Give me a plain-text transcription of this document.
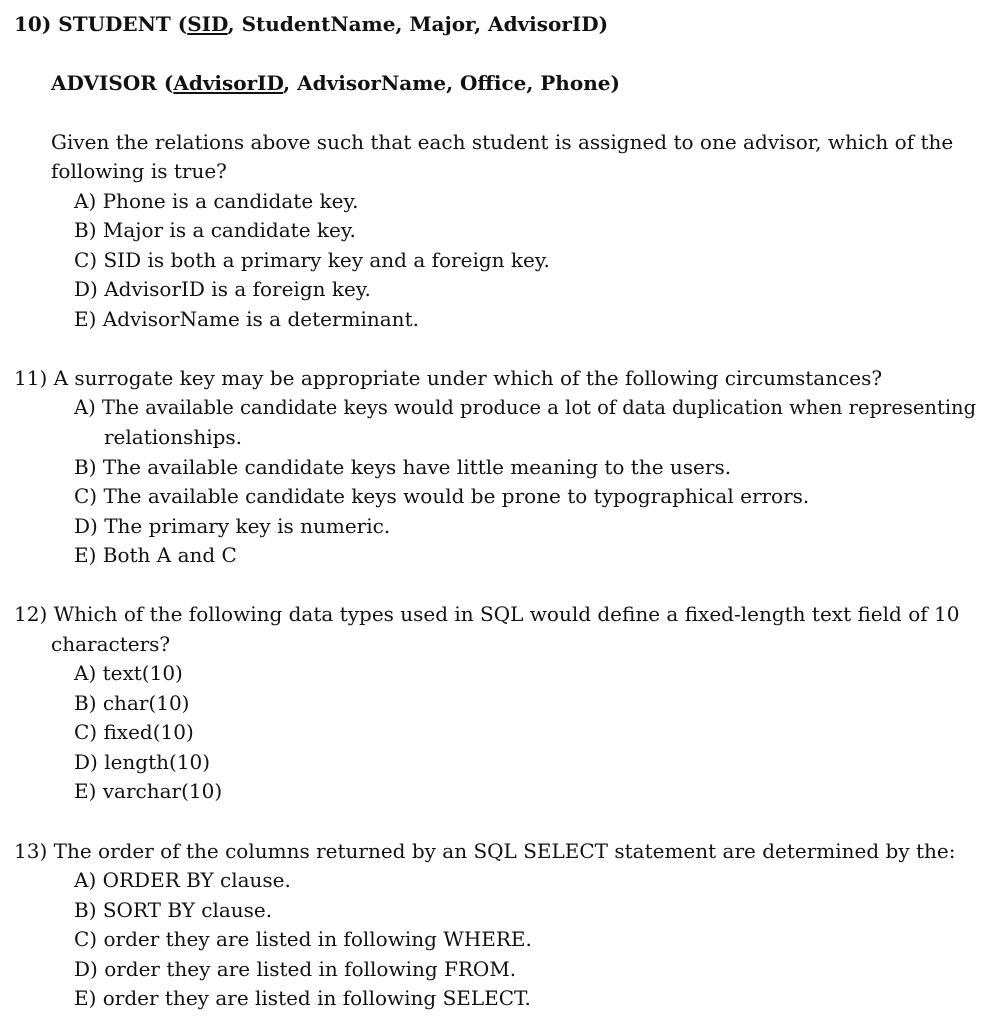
10) STUDENT (SID, StudentName, Major, AdvisorID)
ADVISOR (AdvisorID, AdvisorName, Office, Phone)
Given the relations above such that each student is assigned to one advisor, which of the
following is true?
A) Phone is a candidate key.
B) Major is a candidate key.
C) SID is both a primary key and a foreign key.
D) AdvisorID is a foreign key.
E) AdvisorName is a determinant.
11) A surrogate key may be appropriate under which of the following circumstances?
A) The available candidate keys would produce a lot of data duplication when representing
relationships.
B) The available candidate keys have little meaning to the users.
C) The available candidate keys would be prone to typographical errors.
D) The primary key is numeric.
E) Both A and C
12) Which of the following data types used in SQL would define a fixed-length text field of 10
characters?
A) text(10)
B) char(10)
C) fixed(10)
D) length(10)
E) varchar(10)
13) The order of the columns returned by an SQL SELECT statement are determined by the:
A) ORDER BY clause.
B) SORT BY clause.
C) order they are listed in following WHERE.
D) order they are listed in following FROM.
E) order they are listed in following SELECT.
